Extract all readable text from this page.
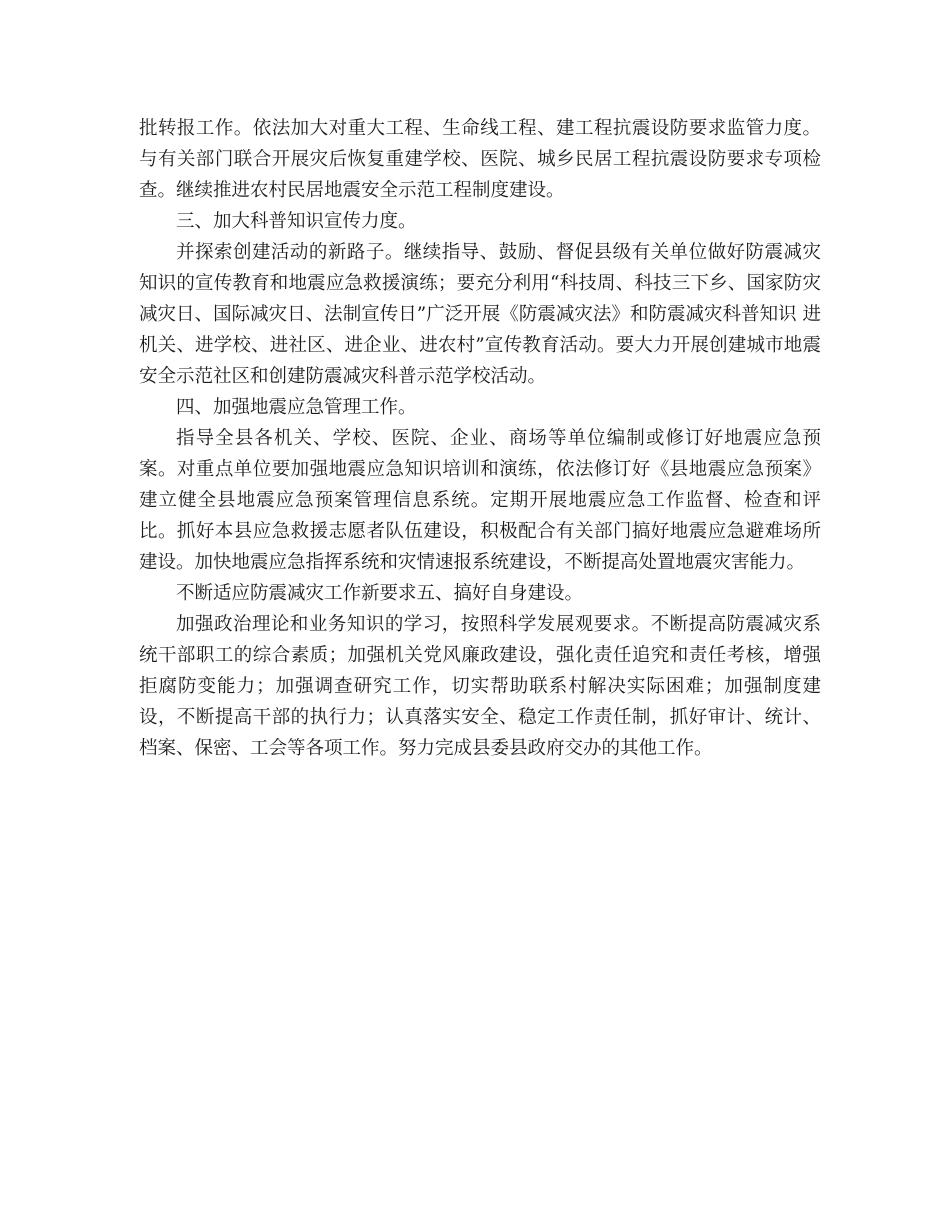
批转报工作。依法加大对重大工程、生命线工程、建工程抗震设防要求监管力度。与有关部门联合开展灾后恢复重建学校、医院、城乡民居工程抗震设防要求专项检查。继续推进农村民居地震安全示范工程制度建设。

三、加大科普知识宣传力度。

并探索创建活动的新路子。继续指导、鼓励、督促县级有关单位做好防震减灾知识的宣传教育和地震应急救援演练；要充分利用“科技周、科技三下乡、国家防灾减灾日、国际减灾日、法制宣传日”广泛开展《防震减灾法》和防震减灾科普知识 进机关、进学校、进社区、进企业、进农村”宣传教育活动。要大力开展创建城市地震安全示范社区和创建防震减灾科普示范学校活动。

四、加强地震应急管理工作。

指导全县各机关、学校、医院、企业、商场等单位编制或修订好地震应急预案。对重点单位要加强地震应急知识培训和演练，依法修订好《县地震应急预案》建立健全县地震应急预案管理信息系统。定期开展地震应急工作监督、检查和评比。抓好本县应急救援志愿者队伍建设，积极配合有关部门搞好地震应急避难场所建设。加快地震应急指挥系统和灾情速报系统建设，不断提高处置地震灾害能力。

不断适应防震减灾工作新要求五、搞好自身建设。

加强政治理论和业务知识的学习，按照科学发展观要求。不断提高防震减灾系统干部职工的综合素质；加强机关党风廉政建设，强化责任追究和责任考核，增强拒腐防变能力；加强调查研究工作，切实帮助联系村解决实际困难；加强制度建设，不断提高干部的执行力；认真落实安全、稳定工作责任制，抓好审计、统计、档案、保密、工会等各项工作。努力完成县委县政府交办的其他工作。
